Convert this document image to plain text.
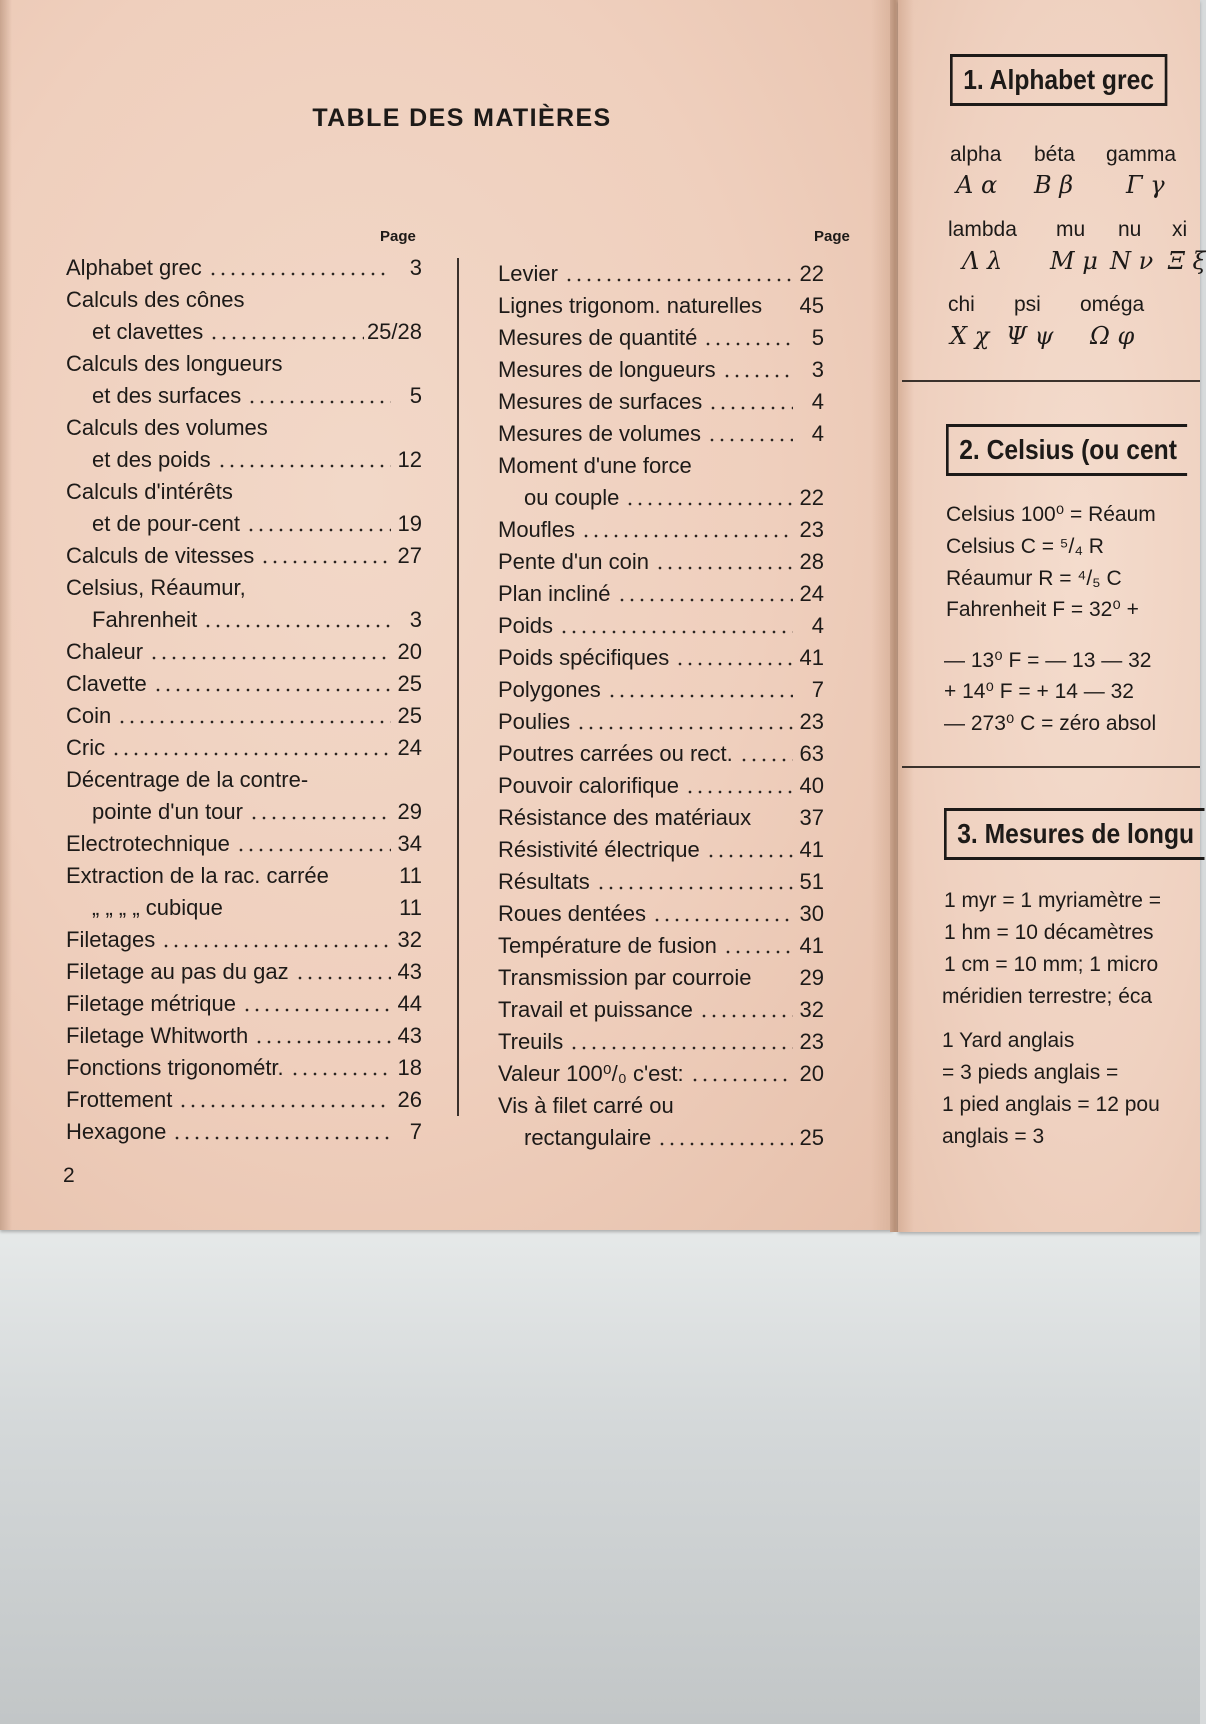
TABLE DES MATIÈRES
Page	Page
Alphabet grec	3
Calculs des cônes
et clavettes	25/28
Calculs des longueurs
et des surfaces	5
Calculs des volumes
et des poids	12
Calculs d'intérêts
et de pour-cent	19
Calculs de vitesses	27
Celsius, Réaumur,
Fahrenheit	3
Chaleur	20
Clavette	25
Coin	25
Cric	24
Décentrage de la contre-
pointe d'un tour	29
Electrotechnique	34
Extraction de la rac. carrée	11
„ „ „ „ cubique	11
Filetages	32
Filetage au pas du gaz	43
Filetage métrique	44
Filetage Whitworth	43
Fonctions trigonométr.	18
Frottement	26
Hexagone	7
Levier	22
Lignes trigonom. naturelles 45
Mesures de quantité	5
Mesures de longueurs	3
Mesures de surfaces	4
Mesures de volumes	4
Moment d'une force
ou couple	22
Moufles	23
Pente d'un coin	28
Plan incliné	24
Poids	4
Poids spécifiques	41
Polygones	7
Poulies	23
Poutres carrées ou rect.	63
Pouvoir calorifique	40
Résistance des matériaux 37
Résistivité électrique	41
Résultats	51
Roues dentées	30
Température de fusion	41
Transmission par courroie 29
Travail et puissance	32
Treuils	23
Valeur 100⁰/₀ c'est:	20
Vis à filet carré ou
rectangulaire	25
2
1. Alphabet grec
alpha béta gamma
Α α Β β Γ γ
lambda mu nu xi
Λ λ Μ μ Ν ν Ξ ξ
chi psi oméga
Χ χ Ψ ψ Ω φ
2. Celsius (ou cent
Celsius 100⁰ = Réaum
Celsius C = ⁵/₄ R
Réaumur R = ⁴/₅ C
Fahrenheit F = 32⁰ +
— 13⁰ F = — 13 — 32
+ 14⁰ F = + 14 — 32
— 273⁰ C = zéro absol
3. Mesures de longu
1 myr = 1 myriamètre =
1 hm = 10 décamètres
1 cm = 10 mm; 1 micro
méridien terrestre; éca
1 Yard anglais
= 3 pieds anglais =
1 pied anglais = 12 pou
anglais = 3
